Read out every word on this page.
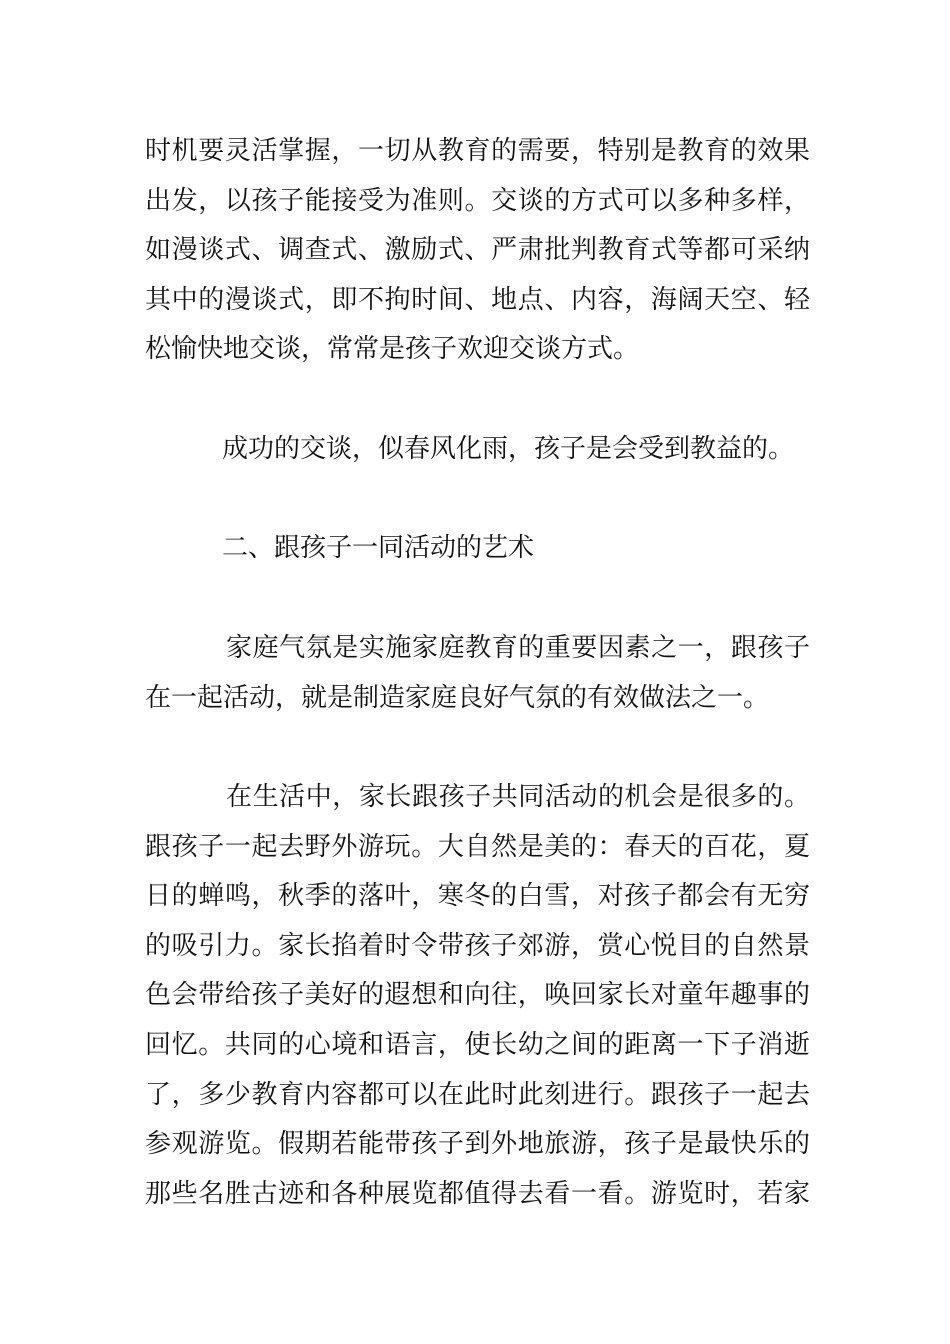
时机要灵活掌握，一切从教育的需要，特别是教育的效果
出发，以孩子能接受为准则。交谈的方式可以多种多样，
如漫谈式、调查式、激励式、严肃批判教育式等都可采纳
其中的漫谈式，即不拘时间、地点、内容，海阔天空、轻
松愉快地交谈，常常是孩子欢迎交谈方式。
成功的交谈，似春风化雨，孩子是会受到教益的。
二、跟孩子一同活动的艺术
家庭气氛是实施家庭教育的重要因素之一，跟孩子
在一起活动，就是制造家庭良好气氛的有效做法之一。
在生活中，家长跟孩子共同活动的机会是很多的。
跟孩子一起去野外游玩。大自然是美的：春天的百花，夏
日的蝉鸣，秋季的落叶，寒冬的白雪，对孩子都会有无穷
的吸引力。家长掐着时令带孩子郊游，赏心悦目的自然景
色会带给孩子美好的遐想和向往，唤回家长对童年趣事的
回忆。共同的心境和语言，使长幼之间的距离一下子消逝
了，多少教育内容都可以在此时此刻进行。跟孩子一起去
参观游览。假期若能带孩子到外地旅游，孩子是最快乐的
那些名胜古迹和各种展览都值得去看一看。游览时，若家
